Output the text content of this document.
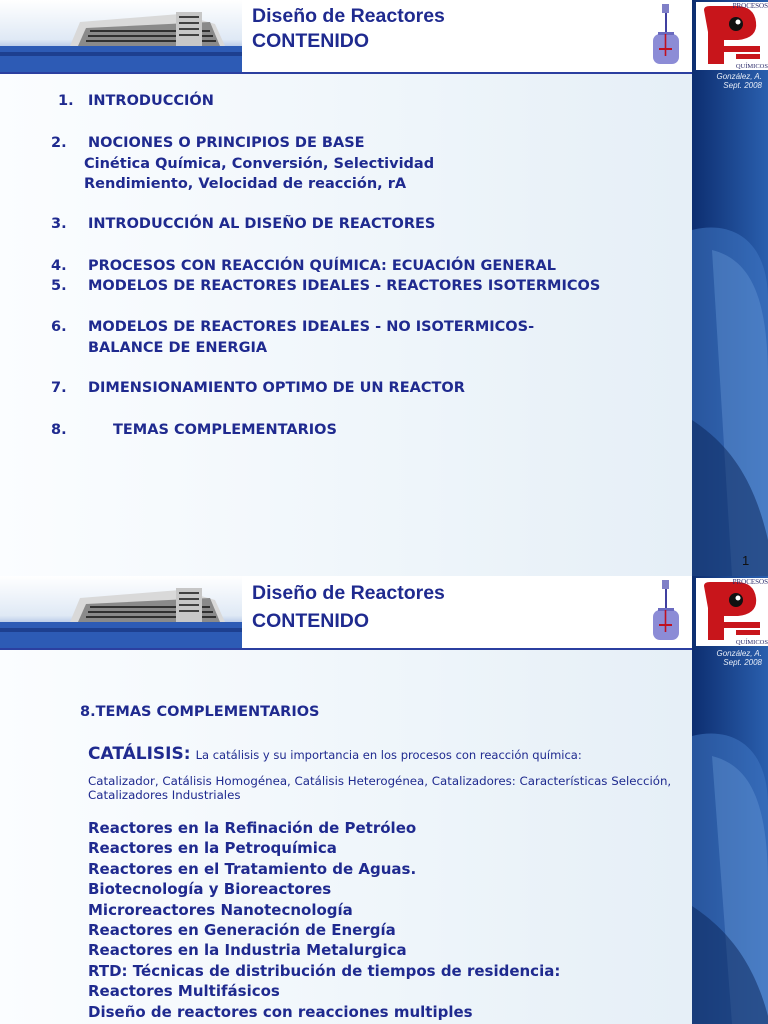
Diseño de Reactores
CONTENIDO
PROCESOS
QUÍMICOS
González, A.
Sept. 2008
1. INTRODUCCIÓN
2. NOCIONES O PRINCIPIOS DE BASE
Cinética Química, Conversión, Selectividad
Rendimiento, Velocidad de reacción, rA
3. INTRODUCCIÓN AL DISEÑO DE REACTORES
4. PROCESOS CON REACCIÓN QUÍMICA: ECUACIÓN GENERAL
5. MODELOS DE REACTORES IDEALES - REACTORES ISOTERMICOS
6. MODELOS DE REACTORES IDEALES - NO ISOTERMICOS-
BALANCE DE ENERGIA
7. DIMENSIONAMIENTO OPTIMO DE UN REACTOR
8.	TEMAS COMPLEMENTARIOS
1
Diseño de Reactores
CONTENIDO
PROCESOS
QUÍMICOS
González, A.
Sept. 2008
8.TEMAS COMPLEMENTARIOS
CATÁLISIS: La catálisis y su importancia en los procesos con reacción química:
Catalizador, Catálisis Homogénea, Catálisis Heterogénea, Catalizadores: Características Selección, Catalizadores Industriales
Reactores en la Refinación de Petróleo
Reactores en la Petroquímica
Reactores en el Tratamiento de Aguas.
Biotecnología y Bioreactores
Microreactores Nanotecnología
Reactores en Generación de Energía
Reactores en la Industria Metalurgica
RTD: Técnicas de distribución de tiempos de residencia:
Reactores Multifásicos
Diseño de reactores con reacciones multiples
